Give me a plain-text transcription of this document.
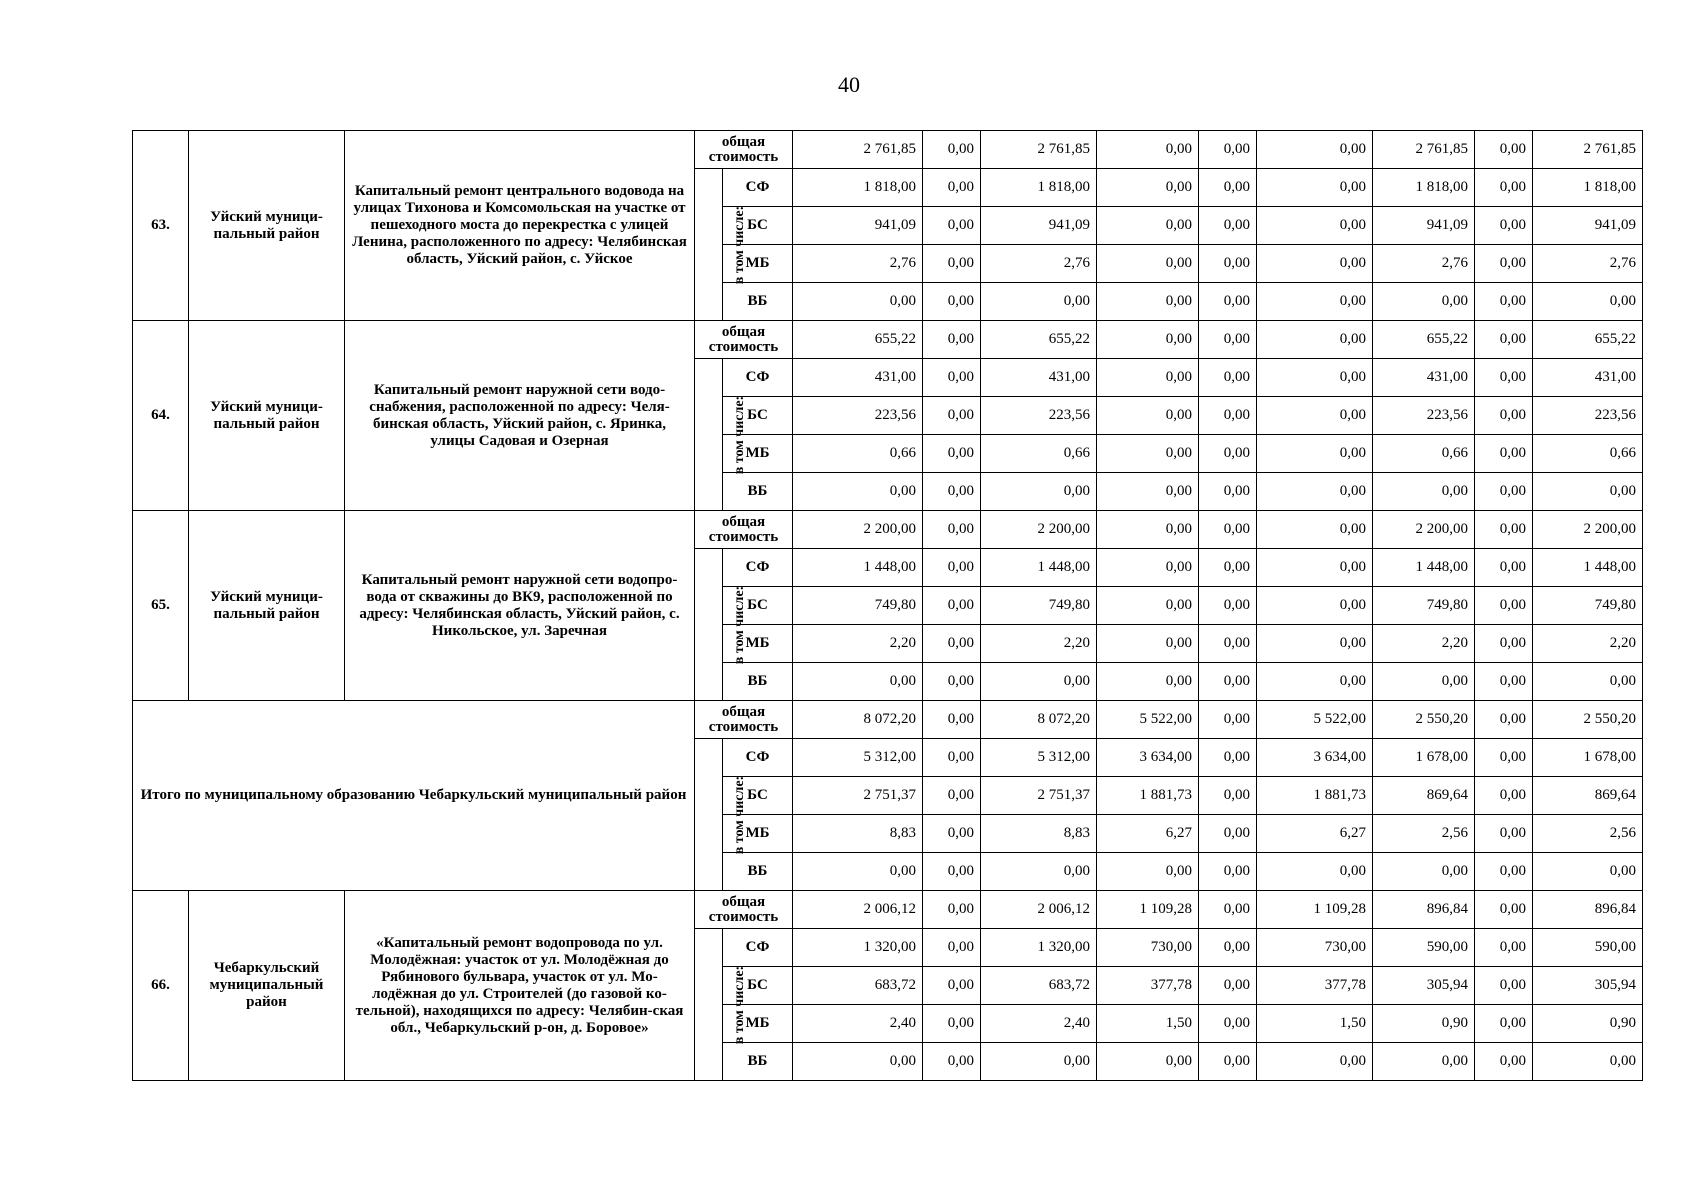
40
63.	Уйский муници-пальный район	Капитальный ремонт центрального водовода на улицах Тихонова и Комсомольская на участке от пешеходного моста до перекрестка с улицей Ленина, расположенного по адресу: Челябинская область, Уйский район, с. Уйское	общая стоимость		2 761,85	0,00	2 761,85	0,00	0,00	0,00	2 761,85	0,00	2 761,85
			в том числе:	СФ	1 818,00	0,00	1 818,00	0,00	0,00	0,00	1 818,00	0,00	1 818,00
				БС	941,09	0,00	941,09	0,00	0,00	0,00	941,09	0,00	941,09
				МБ	2,76	0,00	2,76	0,00	0,00	0,00	2,76	0,00	2,76
				ВБ	0,00	0,00	0,00	0,00	0,00	0,00	0,00	0,00	0,00
64.	Уйский муници-пальный район	Капитальный ремонт наружной сети водо-снабжения, расположенной по адресу: Челя-бинская область, Уйский район, с. Яринка, улицы Садовая и Озерная	общая стоимость		655,22	0,00	655,22	0,00	0,00	0,00	655,22	0,00	655,22
			в том числе:	СФ	431,00	0,00	431,00	0,00	0,00	0,00	431,00	0,00	431,00
				БС	223,56	0,00	223,56	0,00	0,00	0,00	223,56	0,00	223,56
				МБ	0,66	0,00	0,66	0,00	0,00	0,00	0,66	0,00	0,66
				ВБ	0,00	0,00	0,00	0,00	0,00	0,00	0,00	0,00	0,00
65.	Уйский муници-пальный район	Капитальный ремонт наружной сети водопро-вода от скважины до ВК9, расположенной по адресу: Челябинская область, Уйский район, с. Никольское, ул. Заречная	общая стоимость		2 200,00	0,00	2 200,00	0,00	0,00	0,00	2 200,00	0,00	2 200,00
			в том числе:	СФ	1 448,00	0,00	1 448,00	0,00	0,00	0,00	1 448,00	0,00	1 448,00
				БС	749,80	0,00	749,80	0,00	0,00	0,00	749,80	0,00	749,80
				МБ	2,20	0,00	2,20	0,00	0,00	0,00	2,20	0,00	2,20
				ВБ	0,00	0,00	0,00	0,00	0,00	0,00	0,00	0,00	0,00
Итого по муниципальному образованию Чебаркульский муниципальный район			общая стоимость		8 072,20	0,00	8 072,20	5 522,00	0,00	5 522,00	2 550,20	0,00	2 550,20
			в том числе:	СФ	5 312,00	0,00	5 312,00	3 634,00	0,00	3 634,00	1 678,00	0,00	1 678,00
				БС	2 751,37	0,00	2 751,37	1 881,73	0,00	1 881,73	869,64	0,00	869,64
				МБ	8,83	0,00	8,83	6,27	0,00	6,27	2,56	0,00	2,56
				ВБ	0,00	0,00	0,00	0,00	0,00	0,00	0,00	0,00	0,00
66.	Чебаркульский муниципальный район	«Капитальный ремонт водопровода по ул. Молодёжная: участок от ул. Молодёжная до Рябинового бульвара, участок от ул. Мо-лодёжная до ул. Строителей (до газовой ко-тельной), находящихся по адресу: Челябин-ская обл., Чебаркульский р-он, д. Боровое»	общая стоимость		2 006,12	0,00	2 006,12	1 109,28	0,00	1 109,28	896,84	0,00	896,84
			в том числе:	СФ	1 320,00	0,00	1 320,00	730,00	0,00	730,00	590,00	0,00	590,00
				БС	683,72	0,00	683,72	377,78	0,00	377,78	305,94	0,00	305,94
				МБ	2,40	0,00	2,40	1,50	0,00	1,50	0,90	0,00	0,90
				ВБ	0,00	0,00	0,00	0,00	0,00	0,00	0,00	0,00	0,00
